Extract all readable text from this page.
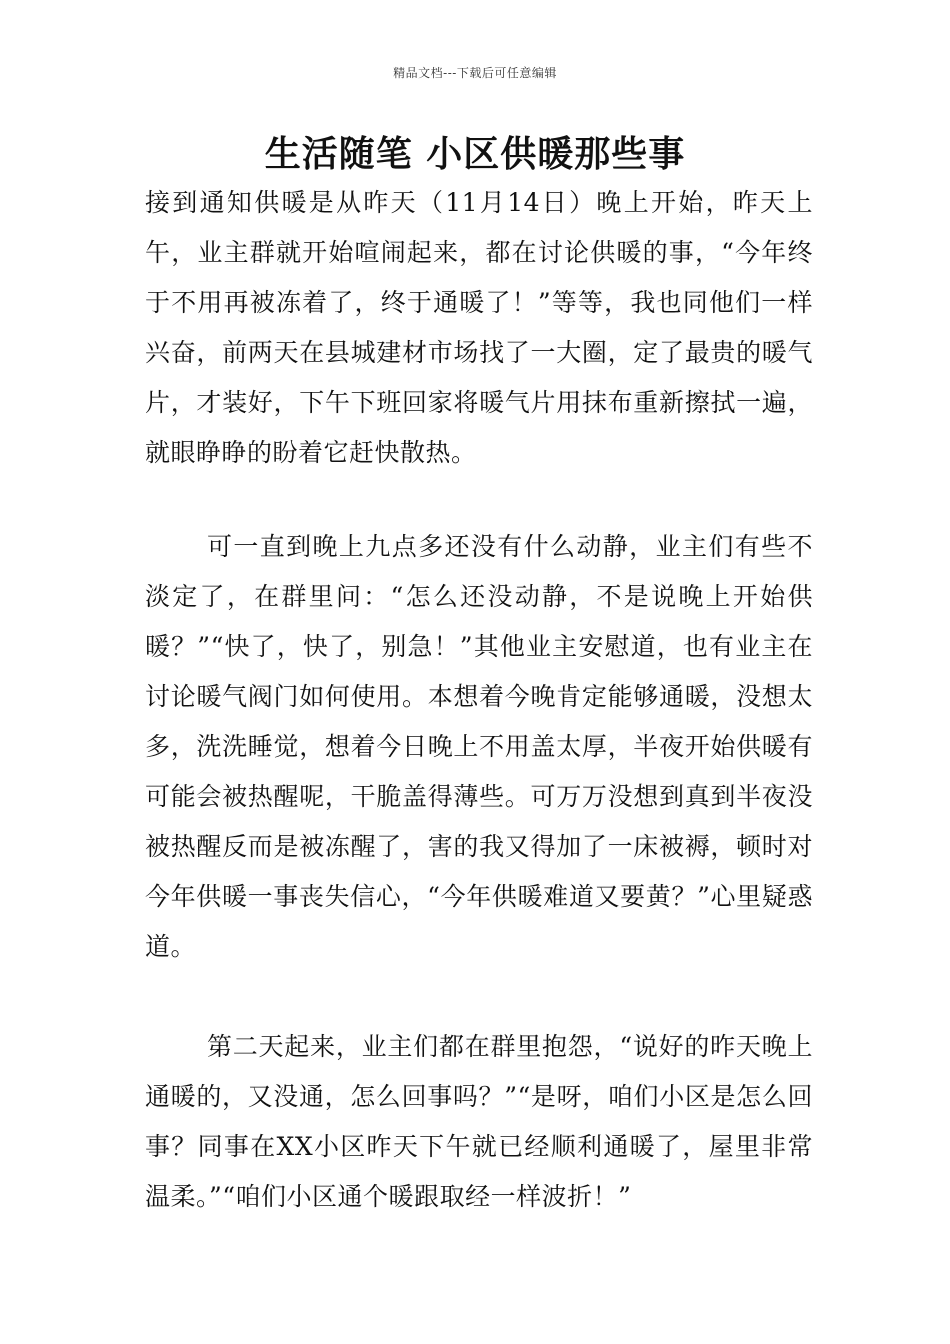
精品文档---下载后可任意编辑
生活随笔 小区供暖那些事

接到通知供暖是从昨天（11月14日）晚上开始，昨天上午，业主群就开始喧闹起来，都在讨论供暖的事，“今年终于不用再被冻着了，终于通暖了！”等等，我也同他们一样兴奋，前两天在县城建材市场找了一大圈，定了最贵的暖气片，才装好，下午下班回家将暖气片用抹布重新擦拭一遍，就眼睁睁的盼着它赶快散热。

可一直到晚上九点多还没有什么动静，业主们有些不淡定了，在群里问：“怎么还没动静，不是说晚上开始供暖？”“快了，快了，别急！”其他业主安慰道，也有业主在讨论暖气阀门如何使用。本想着今晚肯定能够通暖，没想太多，洗洗睡觉，想着今日晚上不用盖太厚，半夜开始供暖有可能会被热醒呢，干脆盖得薄些。可万万没想到真到半夜没被热醒反而是被冻醒了，害的我又得加了一床被褥，顿时对今年供暖一事丧失信心，“今年供暖难道又要黄？”心里疑惑道。

第二天起来，业主们都在群里抱怨，“说好的昨天晚上通暖的，又没通，怎么回事吗？”“是呀，咱们小区是怎么回事？同事在XX小区昨天下午就已经顺利通暖了，屋里非常温柔。”“咱们小区通个暖跟取经一样波折！”
